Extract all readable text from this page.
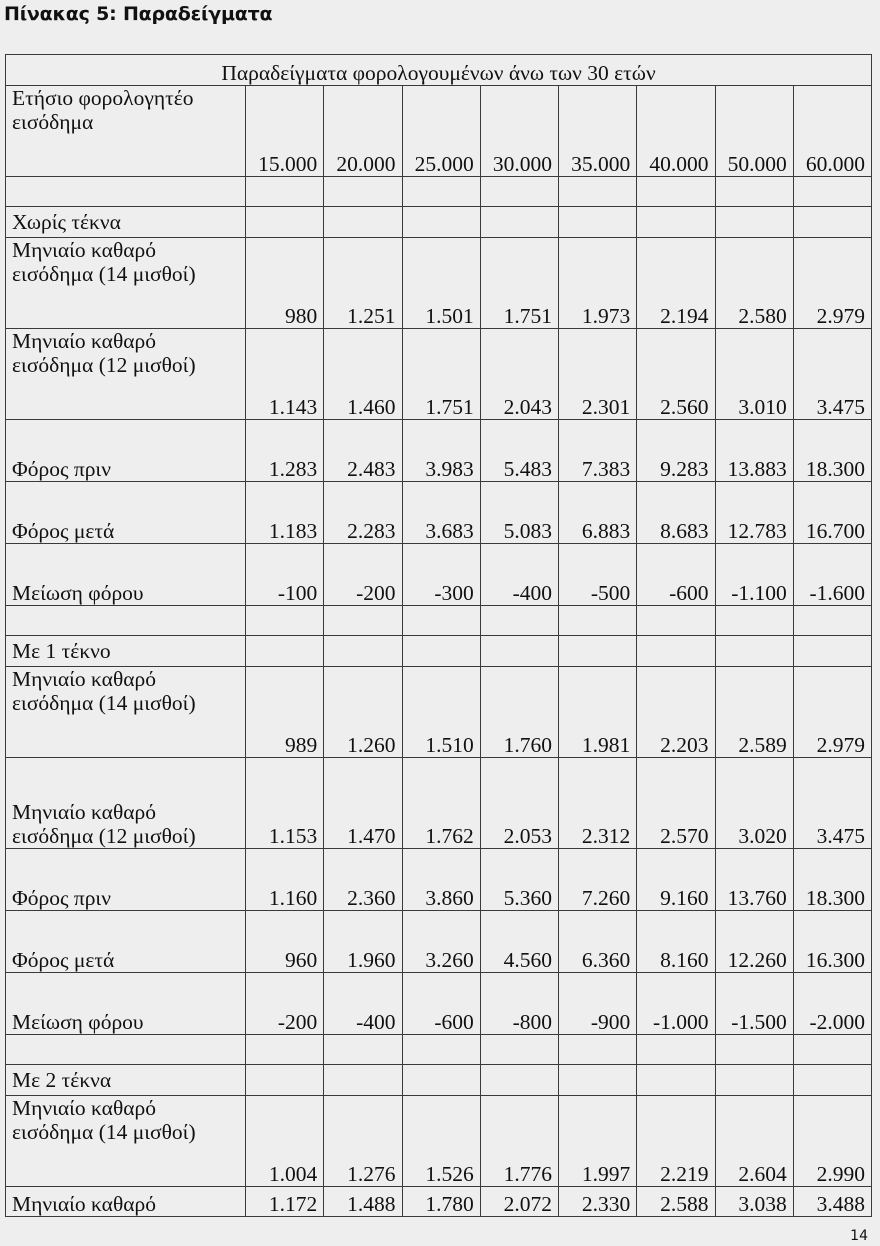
Πίνακας 5: Παραδείγματα
Παραδείγματα φορολογουμένων άνω των 30 ετών								
Ετήσιο φορολογητέο εισόδημα	15.000	20.000	25.000	30.000	35.000	40.000	50.000	60.000

Χωρίς τέκνα								
Μηνιαίο καθαρό εισόδημα (14 μισθοί)	980	1.251	1.501	1.751	1.973	2.194	2.580	2.979
Μηνιαίο καθαρό εισόδημα (12 μισθοί)	1.143	1.460	1.751	2.043	2.301	2.560	3.010	3.475
Φόρος πριν	1.283	2.483	3.983	5.483	7.383	9.283	13.883	18.300
Φόρος μετά	1.183	2.283	3.683	5.083	6.883	8.683	12.783	16.700
Μείωση φόρου	-100	-200	-300	-400	-500	-600	-1.100	-1.600

Με 1 τέκνο								
Μηνιαίο καθαρό εισόδημα (14 μισθοί)	989	1.260	1.510	1.760	1.981	2.203	2.589	2.979
Μηνιαίο καθαρό εισόδημα (12 μισθοί)	1.153	1.470	1.762	2.053	2.312	2.570	3.020	3.475
Φόρος πριν	1.160	2.360	3.860	5.360	7.260	9.160	13.760	18.300
Φόρος μετά	960	1.960	3.260	4.560	6.360	8.160	12.260	16.300
Μείωση φόρου	-200	-400	-600	-800	-900	-1.000	-1.500	-2.000

Με 2 τέκνα								
Μηνιαίο καθαρό εισόδημα (14 μισθοί)	1.004	1.276	1.526	1.776	1.997	2.219	2.604	2.990
Μηνιαίο καθαρό	1.172	1.488	1.780	2.072	2.330	2.588	3.038	3.488
14
